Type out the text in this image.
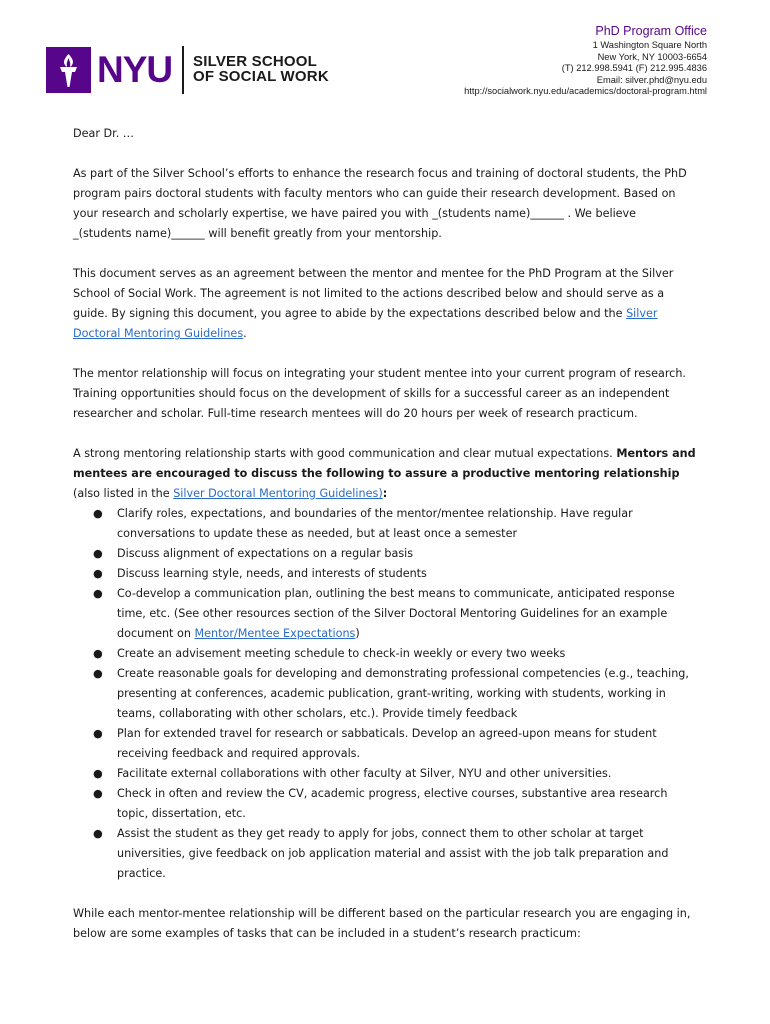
NYU SILVER SCHOOL
OF SOCIAL WORK
PhD Program Office
1 Washington Square North
New York, NY 10003-6654
(T) 212.998.5941 (F) 212.995.4836
Email: silver.phd@nyu.edu
http://socialwork.nyu.edu/academics/doctoral-program.html

Dear Dr. …

As part of the Silver School’s efforts to enhance the research focus and training of doctoral students, the PhD program pairs doctoral students with faculty mentors who can guide their research development. Based on your research and scholarly expertise, we have paired you with _(students name)______ . We believe _(students name)______ will benefit greatly from your mentorship.

This document serves as an agreement between the mentor and mentee for the PhD Program at the Silver School of Social Work. The agreement is not limited to the actions described below and should serve as a guide. By signing this document, you agree to abide by the expectations described below and the Silver Doctoral Mentoring Guidelines.

The mentor relationship will focus on integrating your student mentee into your current program of research. Training opportunities should focus on the development of skills for a successful career as an independent researcher and scholar. Full-time research mentees will do 20 hours per week of research practicum.

A strong mentoring relationship starts with good communication and clear mutual expectations. Mentors and mentees are encouraged to discuss the following to assure a productive mentoring relationship (also listed in the Silver Doctoral Mentoring Guidelines):

● Clarify roles, expectations, and boundaries of the mentor/mentee relationship. Have regular conversations to update these as needed, but at least once a semester
● Discuss alignment of expectations on a regular basis
● Discuss learning style, needs, and interests of students
● Co-develop a communication plan, outlining the best means to communicate, anticipated response time, etc. (See other resources section of the Silver Doctoral Mentoring Guidelines for an example document on Mentor/Mentee Expectations)
● Create an advisement meeting schedule to check-in weekly or every two weeks
● Create reasonable goals for developing and demonstrating professional competencies (e.g., teaching, presenting at conferences, academic publication, grant-writing, working with students, working in teams, collaborating with other scholars, etc.). Provide timely feedback
● Plan for extended travel for research or sabbaticals. Develop an agreed-upon means for student receiving feedback and required approvals.
● Facilitate external collaborations with other faculty at Silver, NYU and other universities.
● Check in often and review the CV, academic progress, elective courses, substantive area research topic, dissertation, etc.
● Assist the student as they get ready to apply for jobs, connect them to other scholar at target universities, give feedback on job application material and assist with the job talk preparation and practice.

While each mentor-mentee relationship will be different based on the particular research you are engaging in, below are some examples of tasks that can be included in a student’s research practicum:
